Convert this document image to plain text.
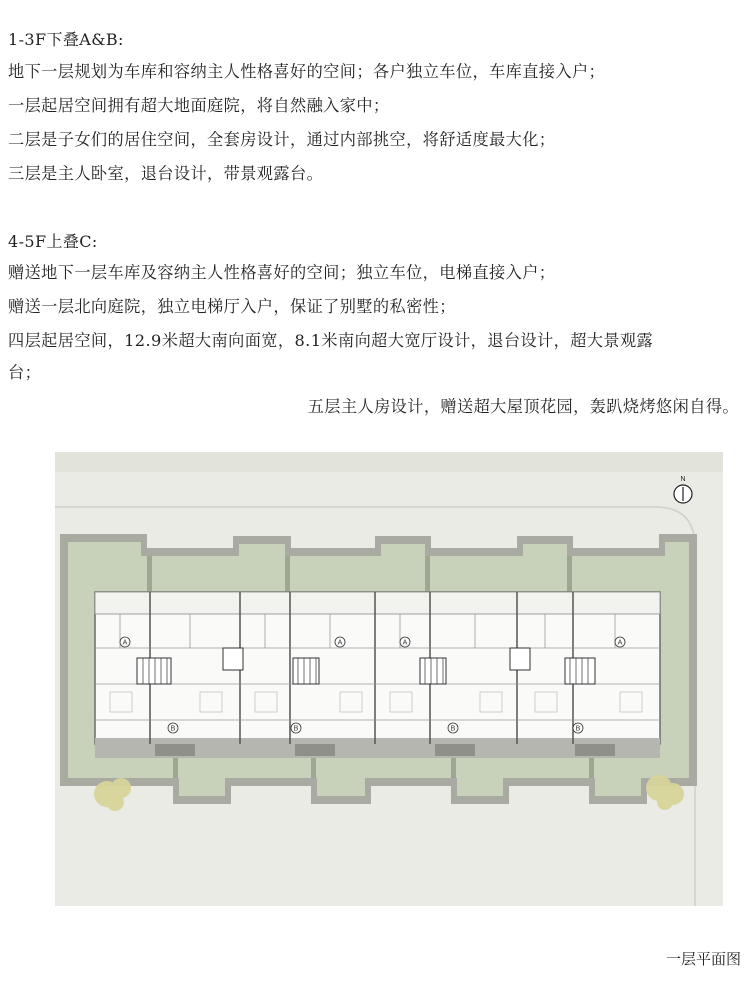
1-3F下叠A&B:
地下一层规划为车库和容纳主人性格喜好的空间；各户独立车位，车库直接入户；
一层起居空间拥有超大地面庭院，将自然融入家中；
二层是子女们的居住空间，全套房设计，通过内部挑空，将舒适度最大化；
三层是主人卧室，退台设计，带景观露台。
4-5F上叠C:
赠送地下一层车库及容纳主人性格喜好的空间；独立车位，电梯直接入户；
赠送一层北向庭院，独立电梯厅入户，保证了别墅的私密性；
四层起居空间，12.9米超大南向面宽，8.1米南向超大宽厅设计，退台设计，超大景观露
台；
五层主人房设计，赠送超大屋顶花园，轰趴烧烤悠闲自得。
A	A	A	A
B	B	B	B
N
一层平面图
